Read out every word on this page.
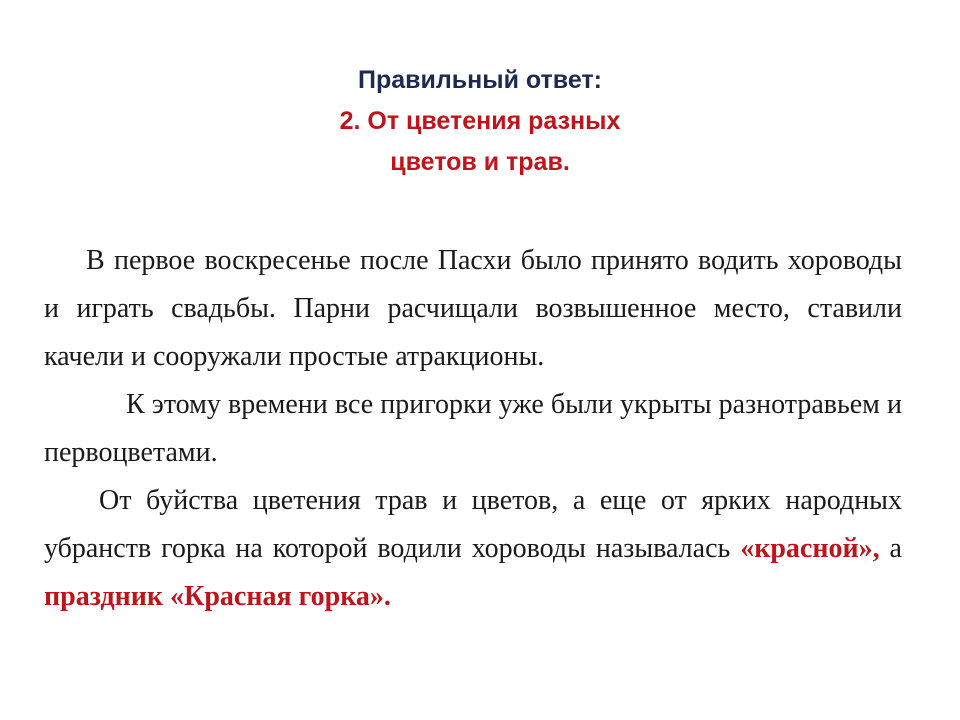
Правильный ответ:
2. От цветения разных
цветов и трав.

В первое воскресенье после Пасхи было принято водить хороводы и играть свадьбы. Парни расчищали возвышенное место, ставили качели и сооружали простые атракционы.

К этому времени все пригорки уже были укрыты разнотравьем и первоцветами.

От буйства цветения трав и цветов, а еще от ярких народных убранств горка на которой водили хороводы называлась «красной», а праздник «Красная горка».
